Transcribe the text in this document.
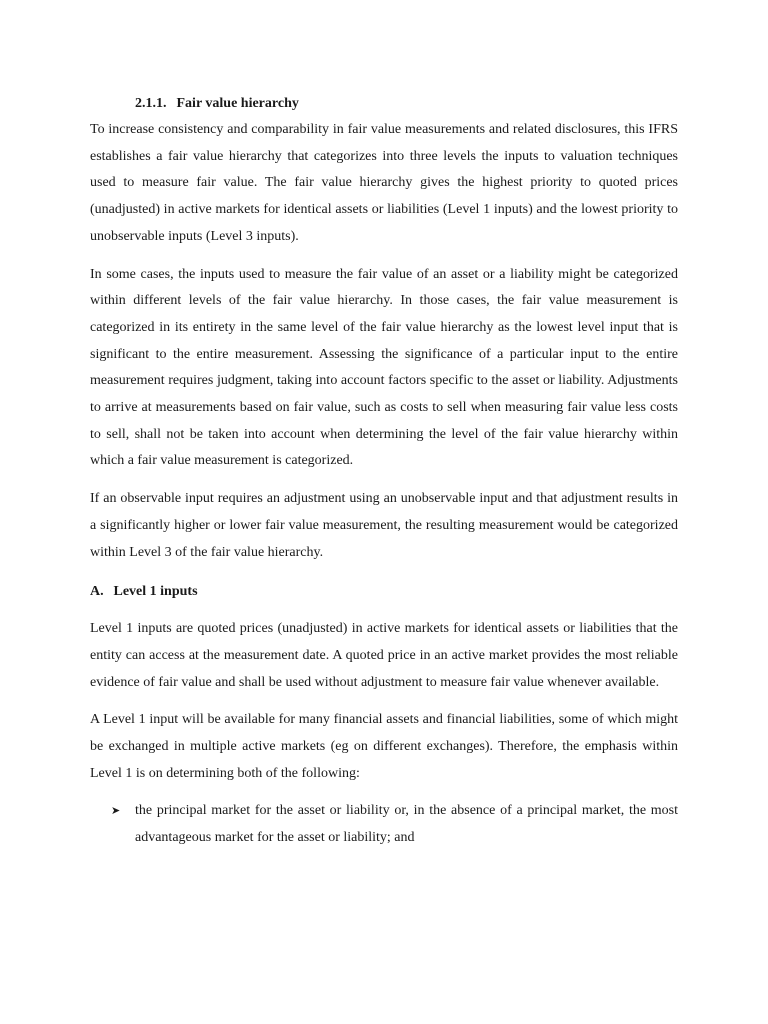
2.1.1. Fair value hierarchy

To increase consistency and comparability in fair value measurements and related disclosures, this IFRS establishes a fair value hierarchy that categorizes into three levels the inputs to valuation techniques used to measure fair value. The fair value hierarchy gives the highest priority to quoted prices (unadjusted) in active markets for identical assets or liabilities (Level 1 inputs) and the lowest priority to unobservable inputs (Level 3 inputs).

In some cases, the inputs used to measure the fair value of an asset or a liability might be categorized within different levels of the fair value hierarchy. In those cases, the fair value measurement is categorized in its entirety in the same level of the fair value hierarchy as the lowest level input that is significant to the entire measurement. Assessing the significance of a particular input to the entire measurement requires judgment, taking into account factors specific to the asset or liability. Adjustments to arrive at measurements based on fair value, such as costs to sell when measuring fair value less costs to sell, shall not be taken into account when determining the level of the fair value hierarchy within which a fair value measurement is categorized.

If an observable input requires an adjustment using an unobservable input and that adjustment results in a significantly higher or lower fair value measurement, the resulting measurement would be categorized within Level 3 of the fair value hierarchy.

A. Level 1 inputs

Level 1 inputs are quoted prices (unadjusted) in active markets for identical assets or liabilities that the entity can access at the measurement date. A quoted price in an active market provides the most reliable evidence of fair value and shall be used without adjustment to measure fair value whenever available.

A Level 1 input will be available for many financial assets and financial liabilities, some of which might be exchanged in multiple active markets (eg on different exchanges). Therefore, the emphasis within Level 1 is on determining both of the following:

➤ the principal market for the asset or liability or, in the absence of a principal market, the most advantageous market for the asset or liability; and
